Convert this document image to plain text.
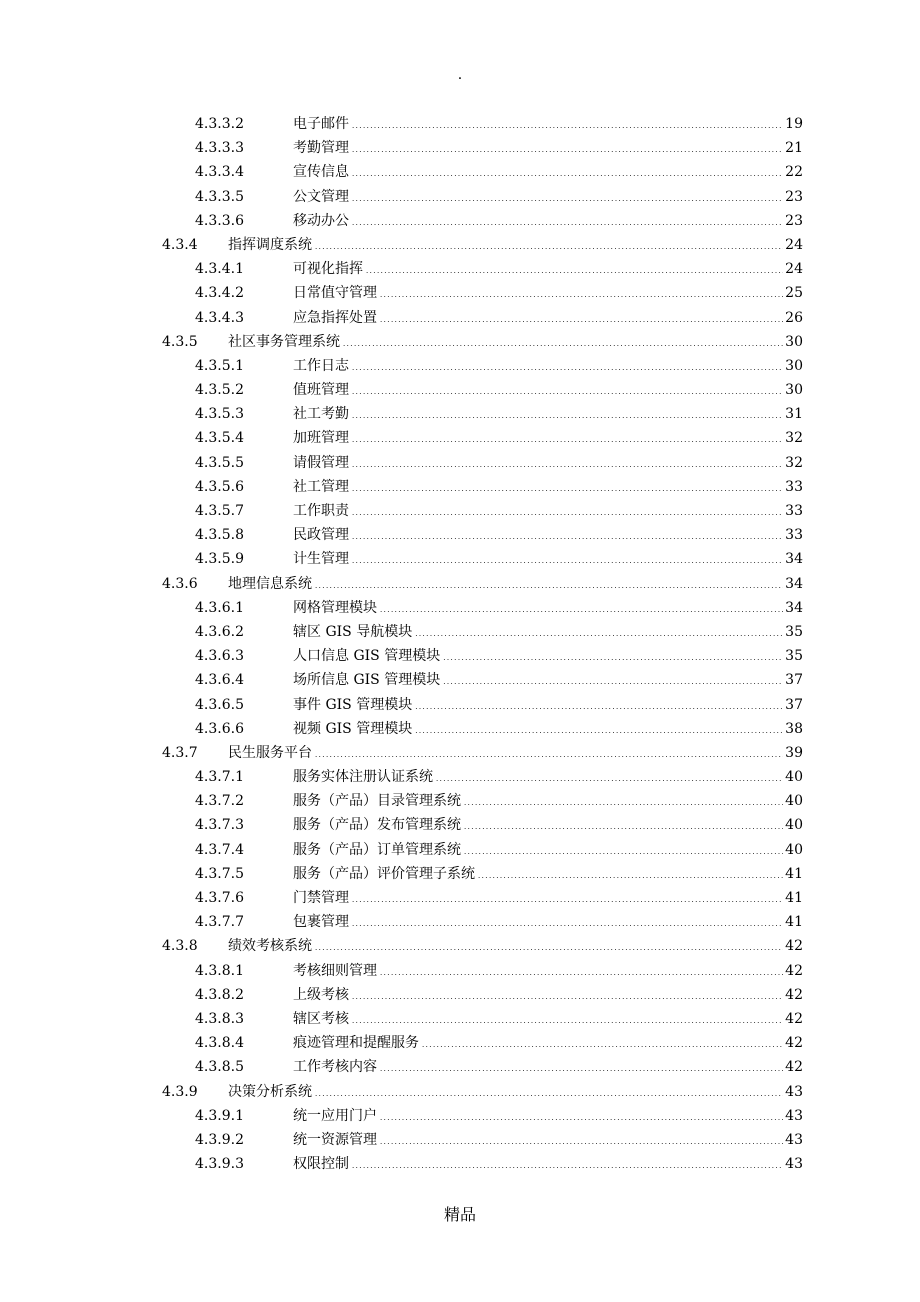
.
4.3.3.2	电子邮件 . . .	19
4.3.3.3	考勤管理 . . .	21
4.3.3.4	宣传信息 . . .	22
4.3.3.5	公文管理 . . .	23
4.3.3.6	移动办公 . . .	23
4.3.4 指挥调度系统 . . .	24
4.3.4.1	可视化指挥 . . .	24
4.3.4.2	日常值守管理 . . .	25
4.3.4.3	应急指挥处置 . . .	26
4.3.5 社区事务管理系统 . . .	30
4.3.5.1	工作日志 . . .	30
4.3.5.2	值班管理 . . .	30
4.3.5.3	社工考勤 . . .	31
4.3.5.4	加班管理 . . .	32
4.3.5.5	请假管理 . . .	32
4.3.5.6	社工管理 . . .	33
4.3.5.7	工作职责 . . .	33
4.3.5.8	民政管理 . . .	33
4.3.5.9	计生管理 . . .	34
4.3.6 地理信息系统 . . .	34
4.3.6.1	网格管理模块 . . .	34
4.3.6.2	辖区 GIS 导航模块 . . .	35
4.3.6.3	人口信息 GIS 管理模块 . . .	35
4.3.6.4	场所信息 GIS 管理模块 . . .	37
4.3.6.5	事件 GIS 管理模块 . . .	37
4.3.6.6	视频 GIS 管理模块 . . .	38
4.3.7 民生服务平台 . . .	39
4.3.7.1	服务实体注册认证系统 . . .	40
4.3.7.2	服务（产品）目录管理系统 . . .	40
4.3.7.3	服务（产品）发布管理系统 . . .	40
4.3.7.4	服务（产品）订单管理系统 . . .	40
4.3.7.5	服务（产品）评价管理子系统 . . .	41
4.3.7.6	门禁管理 . . .	41
4.3.7.7	包裹管理 . . .	41
4.3.8 绩效考核系统 . . .	42
4.3.8.1	考核细则管理 . . .	42
4.3.8.2	上级考核 . . .	42
4.3.8.3	辖区考核 . . .	42
4.3.8.4	痕迹管理和提醒服务 . . .	42
4.3.8.5	工作考核内容 . . .	42
4.3.9 决策分析系统 . . .	43
4.3.9.1	统一应用门户 . . .	43
4.3.9.2	统一资源管理 . . .	43
4.3.9.3	权限控制 . . .	43
精品
